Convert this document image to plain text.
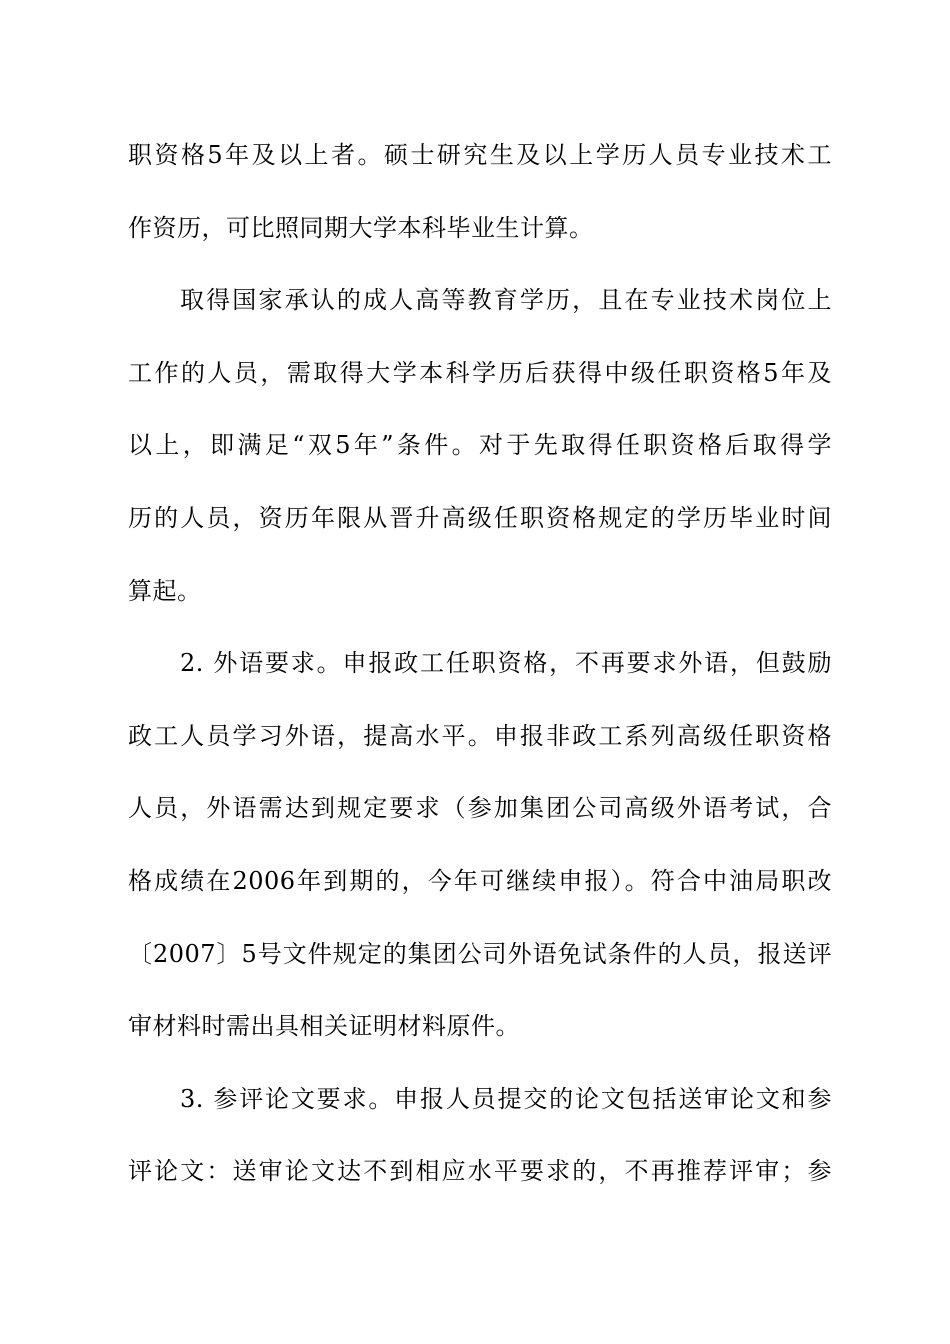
职资格5年及以上者。硕士研究生及以上学历人员专业技术工
作资历，可比照同期大学本科毕业生计算。
取得国家承认的成人高等教育学历，且在专业技术岗位上
工作的人员，需取得大学本科学历后获得中级任职资格5年及
以上，即满足“双5年”条件。对于先取得任职资格后取得学
历的人员，资历年限从晋升高级任职资格规定的学历毕业时间
算起。
2. 外语要求。申报政工任职资格，不再要求外语，但鼓励
政工人员学习外语，提高水平。申报非政工系列高级任职资格
人员，外语需达到规定要求（参加集团公司高级外语考试，合
格成绩在2006年到期的，今年可继续申报）。符合中油局职改
〔2007〕5号文件规定的集团公司外语免试条件的人员，报送评
审材料时需出具相关证明材料原件。
3. 参评论文要求。申报人员提交的论文包括送审论文和参
评论文：送审论文达不到相应水平要求的，不再推荐评审；参
